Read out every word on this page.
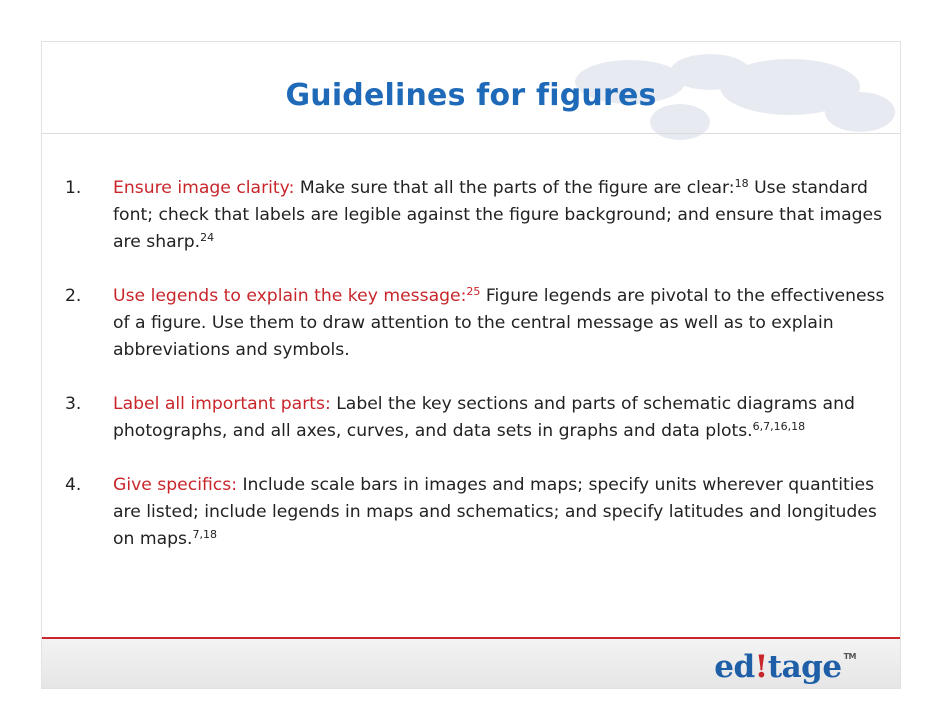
Guidelines for figures
1.	Ensure image clarity: Make sure that all the parts of the figure are clear:$^{18}$ Use standard font; check that labels are legible against the figure background; and ensure that images are sharp.$^{24}$
2.	Use legends to explain the key message:$^{25}$ Figure legends are pivotal to the effectiveness of a figure. Use them to draw attention to the central message as well as to explain abbreviations and symbols.
3.	Label all important parts: Label the key sections and parts of schematic diagrams and photographs, and all axes, curves, and data sets in graphs and data plots.$^{6,7,16,18}$
4.	Give specifics: Include scale bars in images and maps; specify units wherever quantities are listed; include legends in maps and schematics; and specify latitudes and longitudes on maps.$^{7,18}$
ed!tage ™
